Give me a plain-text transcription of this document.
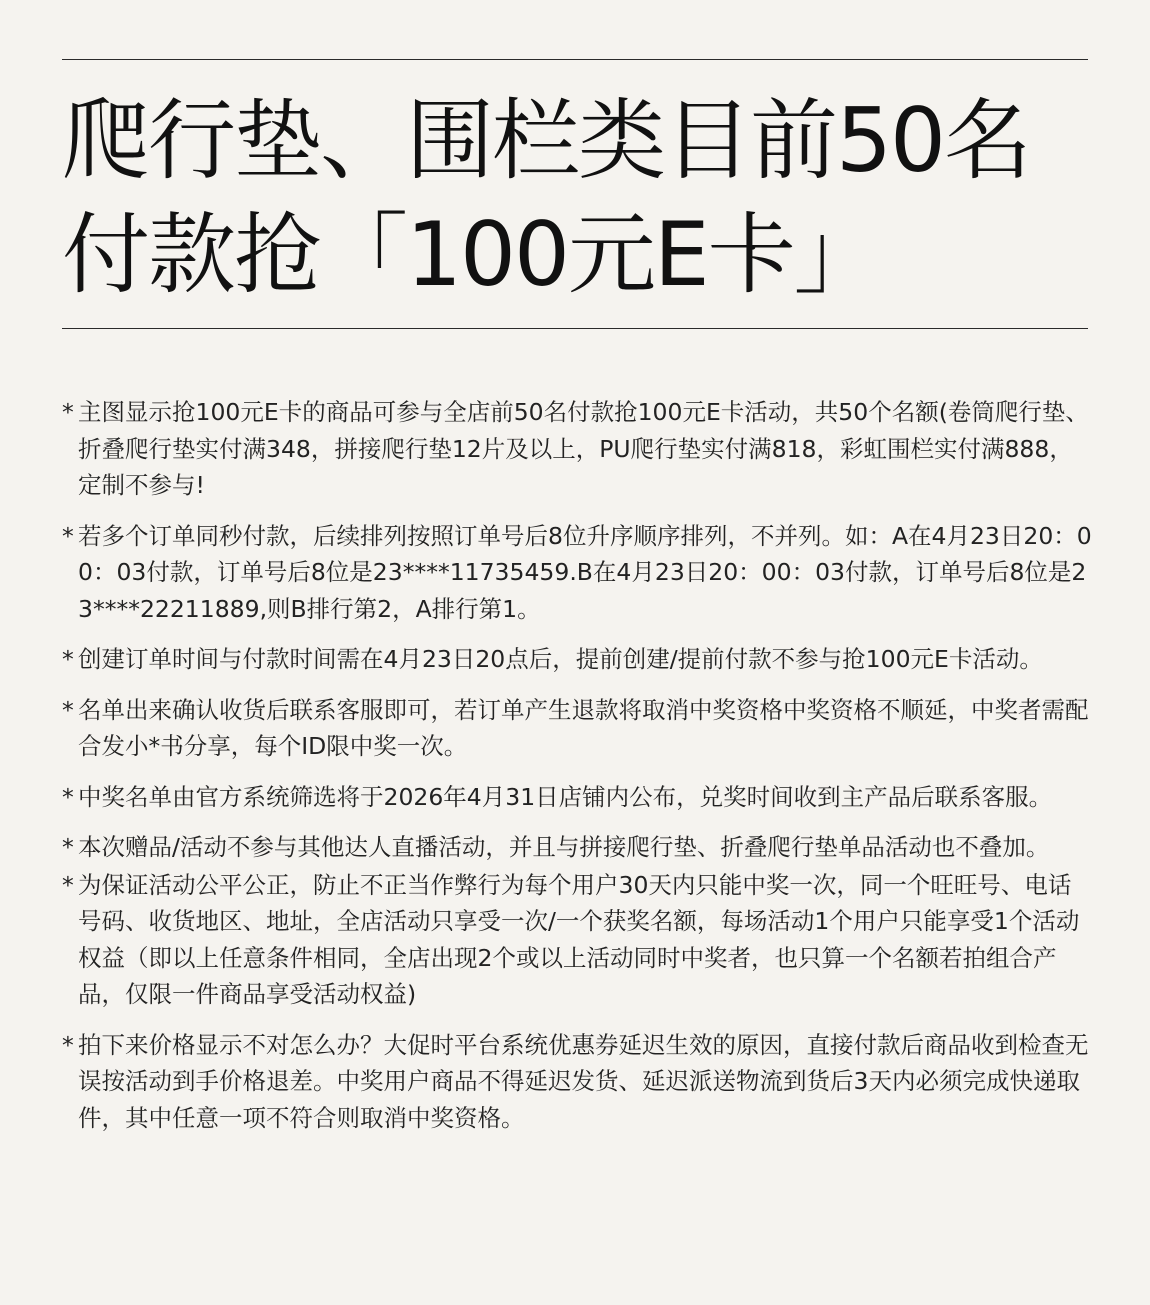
爬行垫、围栏类目前50名
付款抢「100元E卡」
* 主图显示抢100元E卡的商品可参与全店前50名付款抢100元E卡活动，共50个名额(卷筒爬行垫、折叠爬行垫实付满348，拼接爬行垫12片及以上，PU爬行垫实付满818，彩虹围栏实付满888，定制不参与!
* 若多个订单同秒付款，后续排列按照订单号后8位升序顺序排列，不并列。如：A在4月23日20：00：03付款，订单号后8位是23****11735459.B在4月23日20：00：03付款，订单号后8位是23****22211889,则B排行第2，A排行第1。
* 创建订单时间与付款时间需在4月23日20点后，提前创建/提前付款不参与抢100元E卡活动。
* 名单出来确认收货后联系客服即可，若订单产生退款将取消中奖资格中奖资格不顺延，中奖者需配合发小*书分享，每个ID限中奖一次。
* 中奖名单由官方系统筛选将于2026年4月31日店铺内公布，兑奖时间收到主产品后联系客服。
* 本次赠品/活动不参与其他达人直播活动，并且与拼接爬行垫、折叠爬行垫单品活动也不叠加。
* 为保证活动公平公正，防止不正当作弊行为每个用户30天内只能中奖一次，同一个旺旺号、电话号码、收货地区、地址，全店活动只享受一次/一个获奖名额，每场活动1个用户只能享受1个活动权益（即以上任意条件相同，全店出现2个或以上活动同时中奖者，也只算一个名额若拍组合产品，仅限一件商品享受活动权益)
* 拍下来价格显示不对怎么办？大促时平台系统优惠券延迟生效的原因，直接付款后商品收到检查无误按活动到手价格退差。中奖用户商品不得延迟发货、延迟派送物流到货后3天内必须完成快递取件，其中任意一项不符合则取消中奖资格。
